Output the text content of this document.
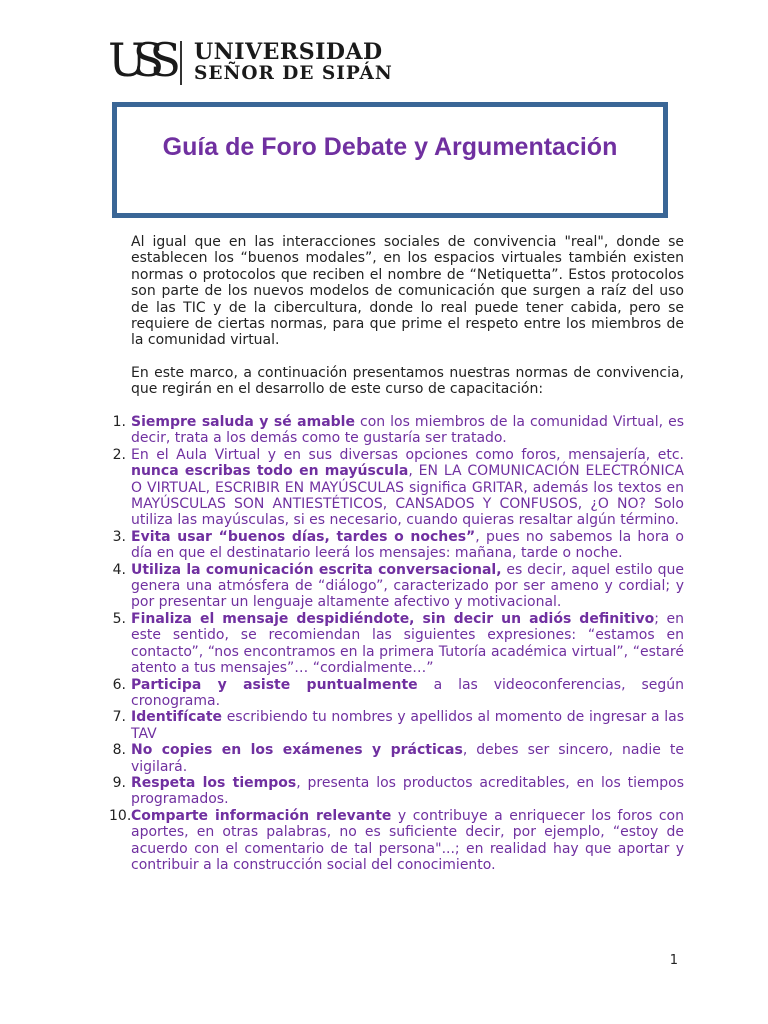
USS UNIVERSIDAD
SEÑOR DE SIPÁN
Guía de Foro Debate y Argumentación

Al igual que en las interacciones sociales de convivencia "real", donde se establecen los “buenos modales”, en los espacios virtuales también existen normas o protocolos que reciben el nombre de “Netiquetta”. Estos protocolos son parte de los nuevos modelos de comunicación que surgen a raíz del uso de las TIC y de la cibercultura, donde lo real puede tener cabida, pero se requiere de ciertas normas, para que prime el respeto entre los miembros de la comunidad virtual.

En este marco, a continuación presentamos nuestras normas de convivencia, que regirán en el desarrollo de este curso de capacitación:

1. Siempre saluda y sé amable con los miembros de la comunidad Virtual, es decir, trata a los demás como te gustaría ser tratado.
2. En el Aula Virtual y en sus diversas opciones como foros, mensajería, etc. nunca escribas todo en mayúscula, EN LA COMUNICACIÓN ELECTRÓNICA O VIRTUAL, ESCRIBIR EN MAYÚSCULAS significa GRITAR, además los textos en MAYÚSCULAS SON ANTIESTÉTICOS, CANSADOS Y CONFUSOS, ¿O NO? Solo utiliza las mayúsculas, si es necesario, cuando quieras resaltar algún término.
3. Evita usar “buenos días, tardes o noches”, pues no sabemos la hora o día en que el destinatario leerá los mensajes: mañana, tarde o noche.
4. Utiliza la comunicación escrita conversacional, es decir, aquel estilo que genera una atmósfera de “diálogo”, caracterizado por ser ameno y cordial; y por presentar un lenguaje altamente afectivo y motivacional.
5. Finaliza el mensaje despidiéndote, sin decir un adiós definitivo; en este sentido, se recomiendan las siguientes expresiones: “estamos en contacto”, “nos encontramos en la primera Tutoría académica virtual”, “estaré atento a tus mensajes”… “cordialmente…”
6. Participa y asiste puntualmente a las videoconferencias, según cronograma.
7. Identifícate escribiendo tu nombres y apellidos al momento de ingresar a las TAV
8. No copies en los exámenes y prácticas, debes ser sincero, nadie te vigilará.
9. Respeta los tiempos, presenta los productos acreditables, en los tiempos programados.
10. Comparte información relevante y contribuye a enriquecer los foros con aportes, en otras palabras, no es suficiente decir, por ejemplo, “estoy de acuerdo con el comentario de tal persona"...; en realidad hay que aportar y contribuir a la construcción social del conocimiento.
1
